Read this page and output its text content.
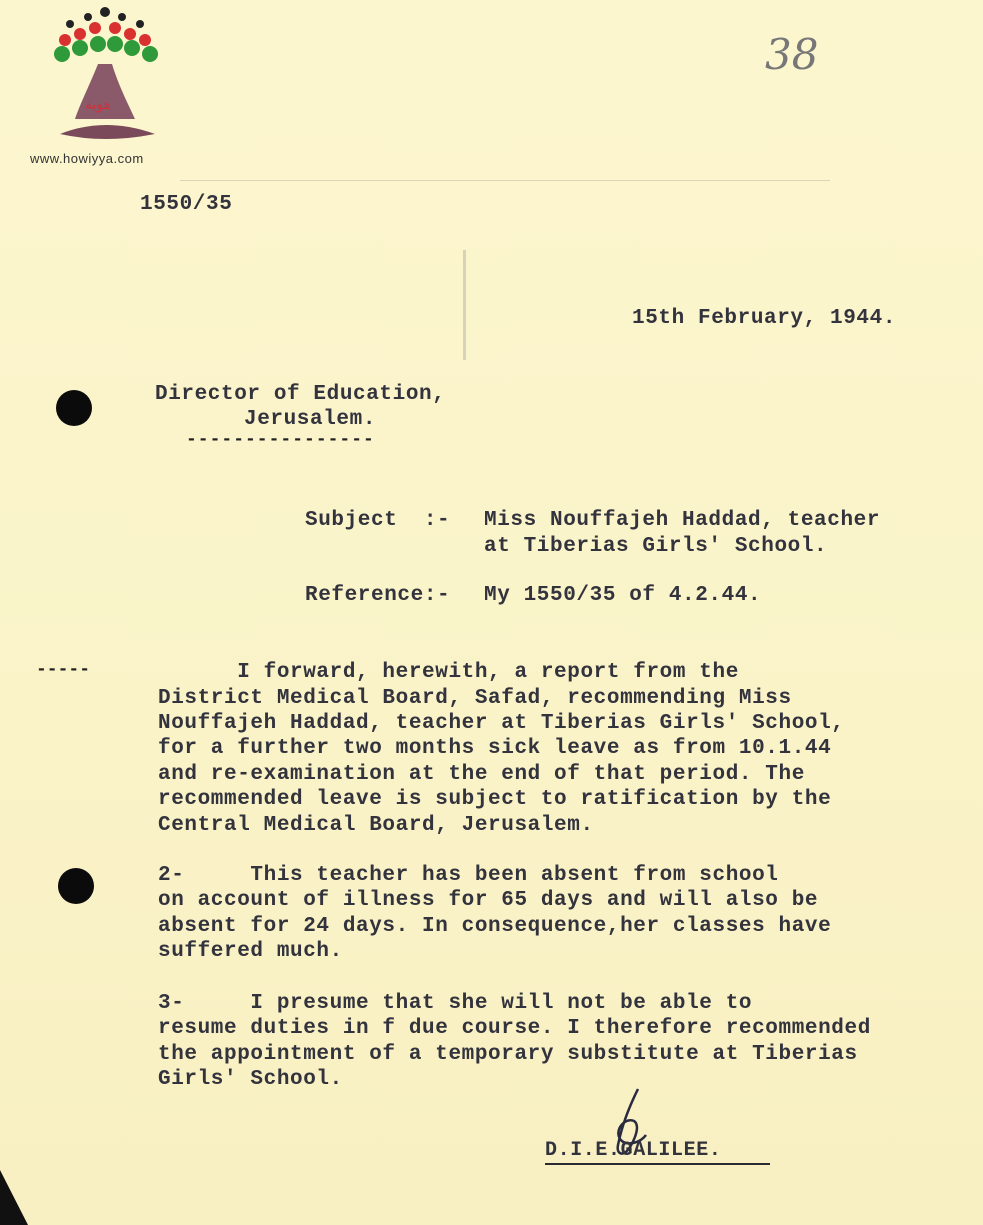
هوية
www.howiyya.com
38
1550/35
15th February, 1944.
Director of Education,
Jerusalem.
----------------
Subject  :- Miss Nouffajeh Haddad, teacher
at Tiberias Girls' School.
Reference:- My 1550/35 of 4.2.44.
-----	I forward, herewith, a report from the
District Medical Board, Safad, recommending Miss
Nouffajeh Haddad, teacher at Tiberias Girls' School,
for a further two months sick leave as from 10.1.44
and re-examination at the end of that period. The
recommended leave is subject to ratification by the
Central Medical Board, Jerusalem.
2-     This teacher has been absent from school
on account of illness for 65 days and will also be
absent for 24 days. In consequence,her classes have
suffered much.
3-     I presume that she will not be able to
resume duties in f due course. I therefore recommended
the appointment of a temporary substitute at Tiberias
Girls' School.
D.I.E.GALILEE.
